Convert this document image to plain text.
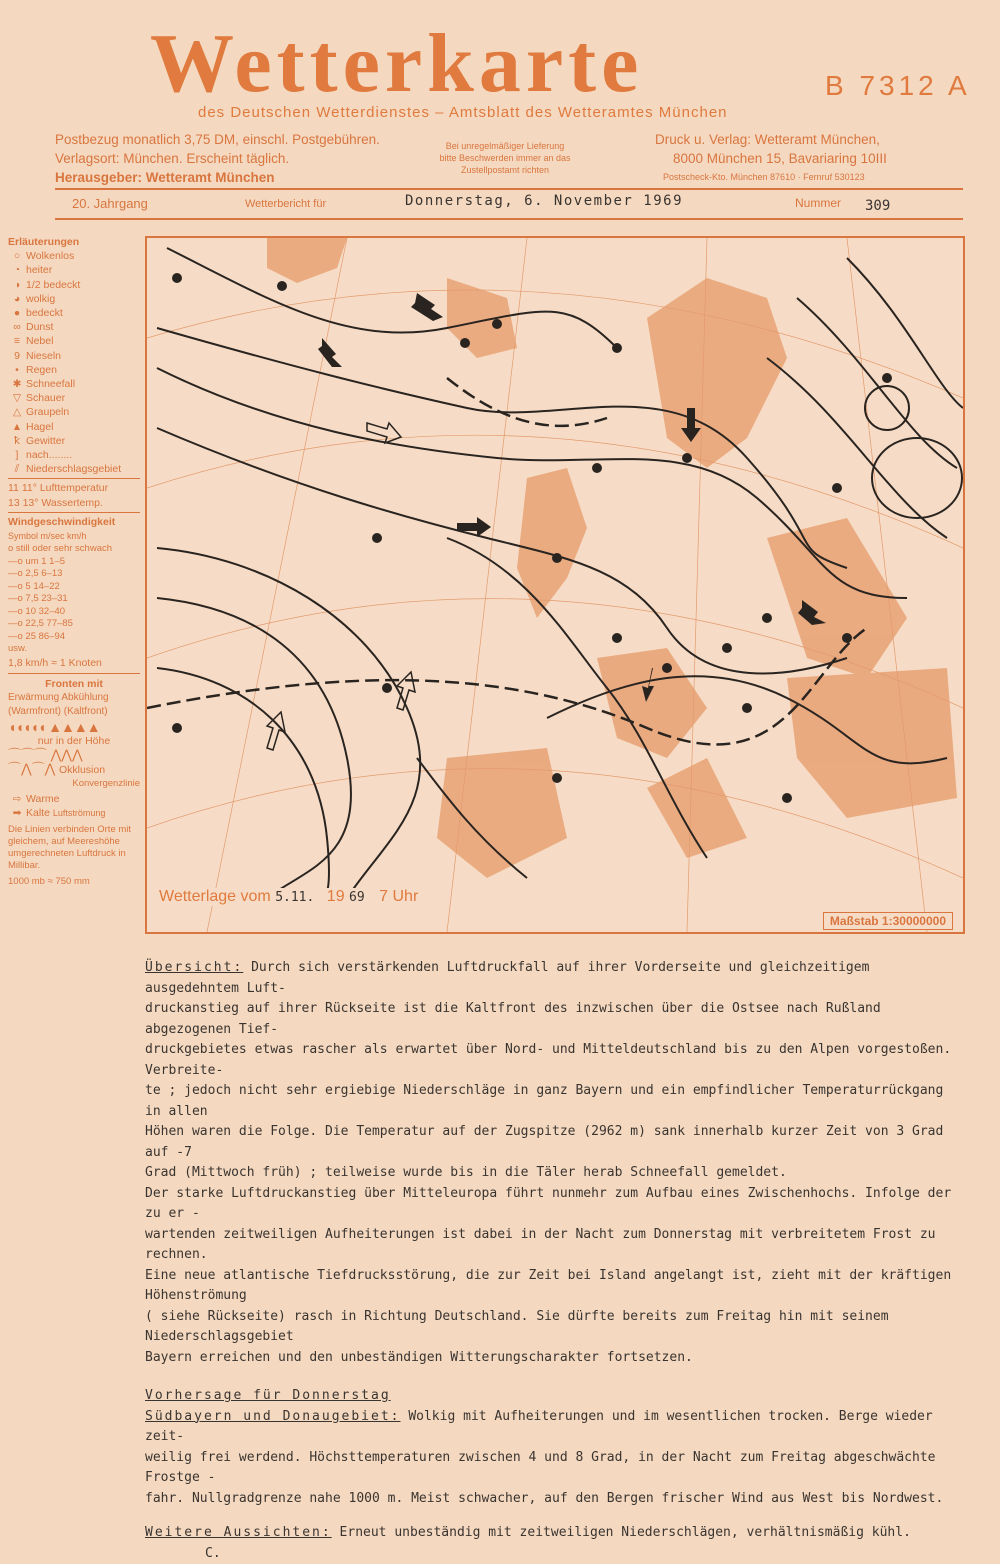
Wetterkarte	B 7312 A
des Deutschen Wetterdienstes – Amtsblatt des Wetteramtes München
Postbezug monatlich 3,75 DM, einschl. Postgebühren.
Verlagsort: München. Erscheint täglich.
Herausgeber: Wetteramt München
Bei unregelmäßiger Lieferung
bitte Beschwerden immer an das
Zustellpostamt richten
Druck u. Verlag: Wetteramt München,
8000 München 15, Bavariaring 10III
Postscheck-Kto. München 87610 · Fernruf 530123
20. Jahrgang	Wetterbericht für	Donnerstag, 6. November 1969	Nummer 309
Erläuterungen
○ Wolkenlos
◔ heiter
◑ 1/2 bedeckt
◕ wolkig
● bedeckt
∞ Dunst
≡ Nebel
9 Nieseln
• Regen
✱ Schneefall
▽ Schauer
△ Graupeln
▲ Hagel
ꝁ Gewitter
] nach........
⫽ Niederschlagsgebiet
11 11° Lufttemperatur
13 13° Wassertemp.
Windgeschwindigkeit
Symbol m/sec km/h
o still oder sehr schwach
—o um 1 1–5
—o 2,5 6–13
—o 5 14–22
—o 7,5 23–31
—o 10 32–40
—o 22,5 77–85
—o 25 86–94
usw.
1,8 km/h ≈ 1 Knoten
Fronten mit
Erwärmung Abkühlung
(Warmfront) (Kaltfront)
◖◖◖◖◖ ▲▲▲▲
nur in der Höhe
⌒⌒⌒ ⋀⋀⋀
⌒⋀⌒⋀ Okklusion
Konvergenzlinie
⇨ Warme
➡ Kalte Luftströmung
Die Linien verbinden Orte mit gleichem, auf Meereshöhe umgerechneten Luftdruck in Millibar.
1000 mb ≈ 750 mm
Wetterlage vom 5.11. 19 69 7 Uhr
Maßstab 1:30000000

Übersicht: Durch sich verstärkenden Luftdruckfall auf ihrer Vorderseite und gleichzeitigem ausgedehntem Luft-

druckanstieg auf ihrer Rückseite ist die Kaltfront des inzwischen über die Ostsee nach Rußland abgezogenen Tief-

druckgebietes etwas rascher als erwartet über Nord- und Mitteldeutschland bis zu den Alpen vorgestoßen. Verbreite-

te ; jedoch nicht sehr ergiebige Niederschläge in ganz Bayern und ein empfindlicher Temperaturrückgang in allen

Höhen waren die Folge. Die Temperatur auf der Zugspitze (2962 m) sank innerhalb kurzer Zeit von 3 Grad auf -7

Grad (Mittwoch früh) ; teilweise wurde bis in die Täler herab Schneefall gemeldet.

Der starke Luftdruckanstieg über Mitteleuropa führt nunmehr zum Aufbau eines Zwischenhochs. Infolge der zu er -

wartenden zeitweiligen Aufheiterungen ist dabei in der Nacht zum Donnerstag mit verbreitetem Frost zu rechnen.

Eine neue atlantische Tiefdrucksstörung, die zur Zeit bei Island angelangt ist, zieht mit der kräftigen Höhenströmung

( siehe Rückseite) rasch in Richtung Deutschland. Sie dürfte bereits zum Freitag hin mit seinem Niederschlagsgebiet

Bayern erreichen und den unbeständigen Witterungscharakter fortsetzen.

Vorhersage für Donnerstag

Südbayern und Donaugebiet: Wolkig mit Aufheiterungen und im wesentlichen trocken. Berge wieder zeit-

weilig frei werdend. Höchsttemperaturen zwischen 4 und 8 Grad, in der Nacht zum Freitag abgeschwächte Frostge -

fahr. Nullgradgrenze nahe 1000 m. Meist schwacher, auf den Bergen frischer Wind aus West bis Nordwest.

Weitere Aussichten: Erneut unbeständig mit zeitweiligen Niederschlägen, verhältnismäßig kühl. C.
